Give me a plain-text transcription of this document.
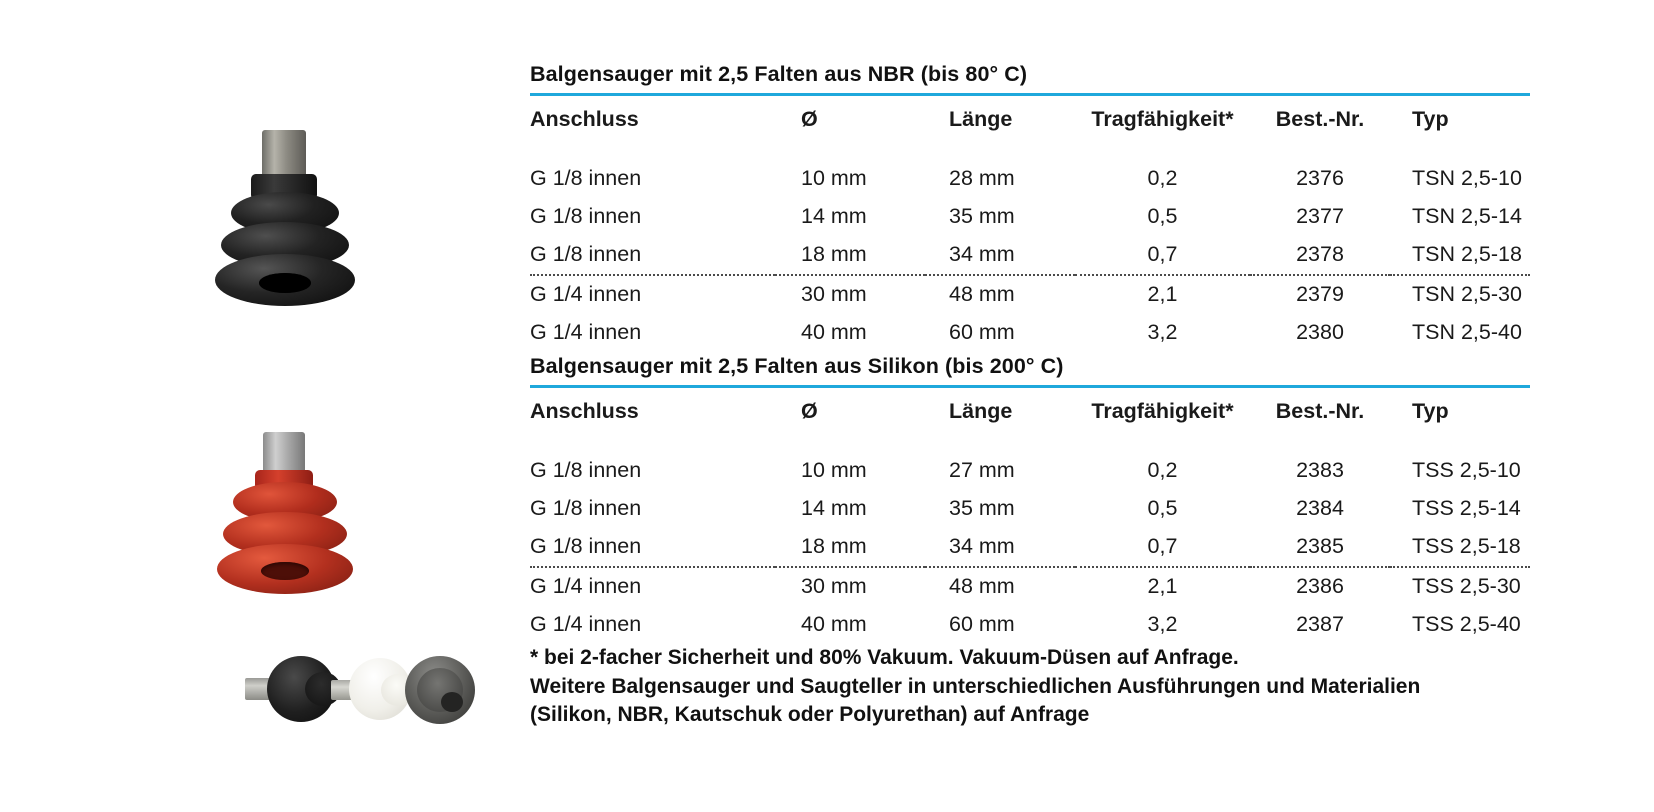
Balgensauger mit 2,5 Falten aus NBR (bis 80° C)
Anschluss	Ø	Länge	Tragfähigkeit*	Best.-Nr.	Typ

G 1/8 innen	10 mm	28 mm	0,2	2376	TSN 2,5-10
G 1/8 innen	14 mm	35 mm	0,5	2377	TSN 2,5-14
G 1/8 innen	18 mm	34 mm	0,7	2378	TSN 2,5-18
G 1/4 innen	30 mm	48 mm	2,1	2379	TSN 2,5-30
G 1/4 innen	40 mm	60 mm	3,2	2380	TSN 2,5-40
Balgensauger mit 2,5 Falten aus Silikon (bis 200° C)
Anschluss	Ø	Länge	Tragfähigkeit*	Best.-Nr.	Typ

G 1/8 innen	10 mm	27 mm	0,2	2383	TSS 2,5-10
G 1/8 innen	14 mm	35 mm	0,5	2384	TSS 2,5-14
G 1/8 innen	18 mm	34 mm	0,7	2385	TSS 2,5-18
G 1/4 innen	30 mm	48 mm	2,1	2386	TSS 2,5-30
G 1/4 innen	40 mm	60 mm	3,2	2387	TSS 2,5-40
* bei 2-facher Sicherheit und 80% Vakuum. Vakuum-Düsen auf Anfrage.
Weitere Balgensauger und Saugteller in unterschiedlichen Ausführungen und Materialien
(Silikon, NBR, Kautschuk oder Polyurethan) auf Anfrage
